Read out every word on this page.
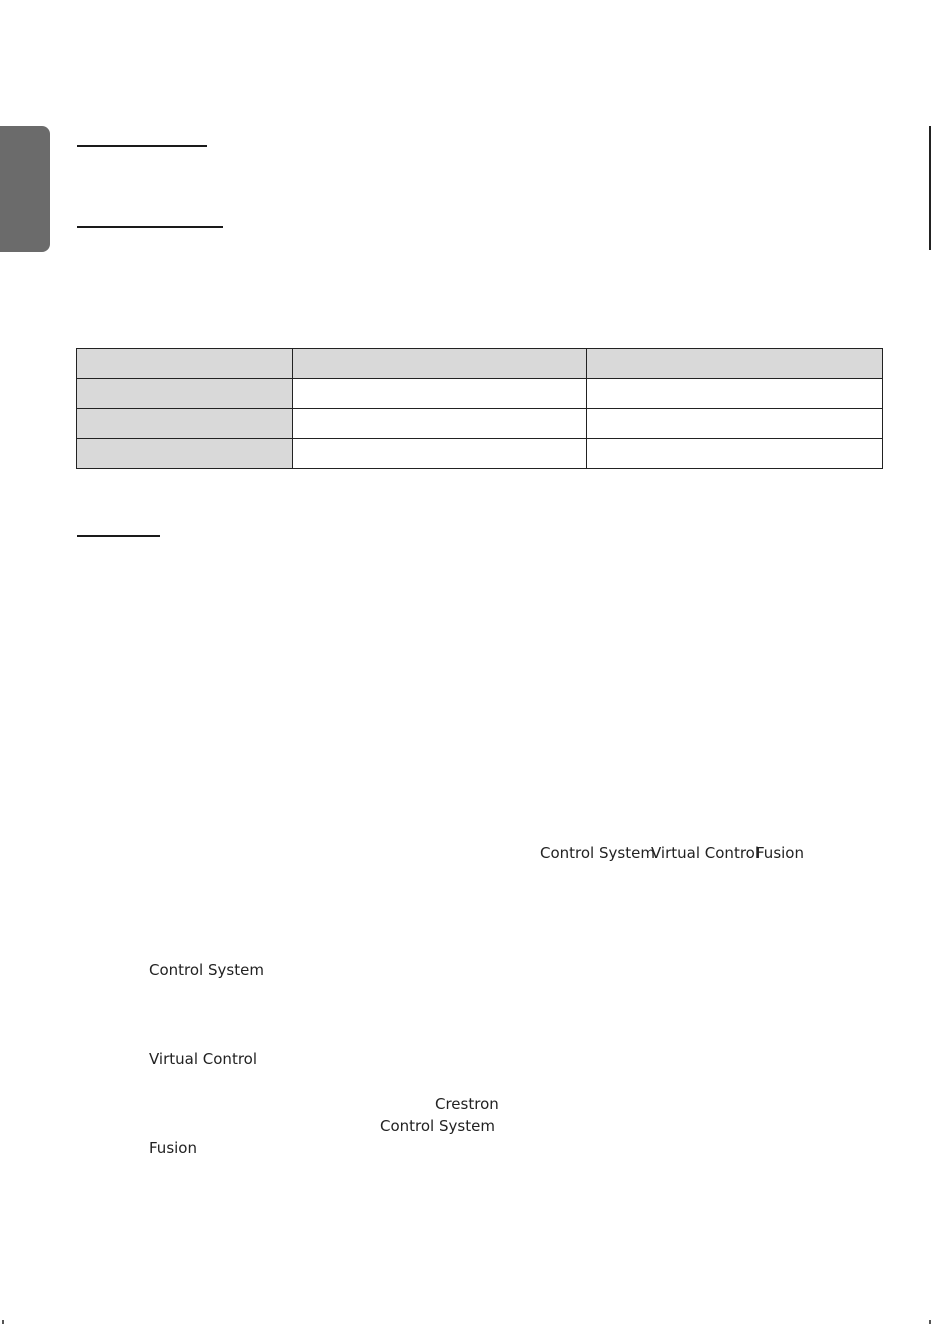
Control System
Virtual Control
Fusion
Control System
Virtual Control
Crestron
Control System
Fusion
